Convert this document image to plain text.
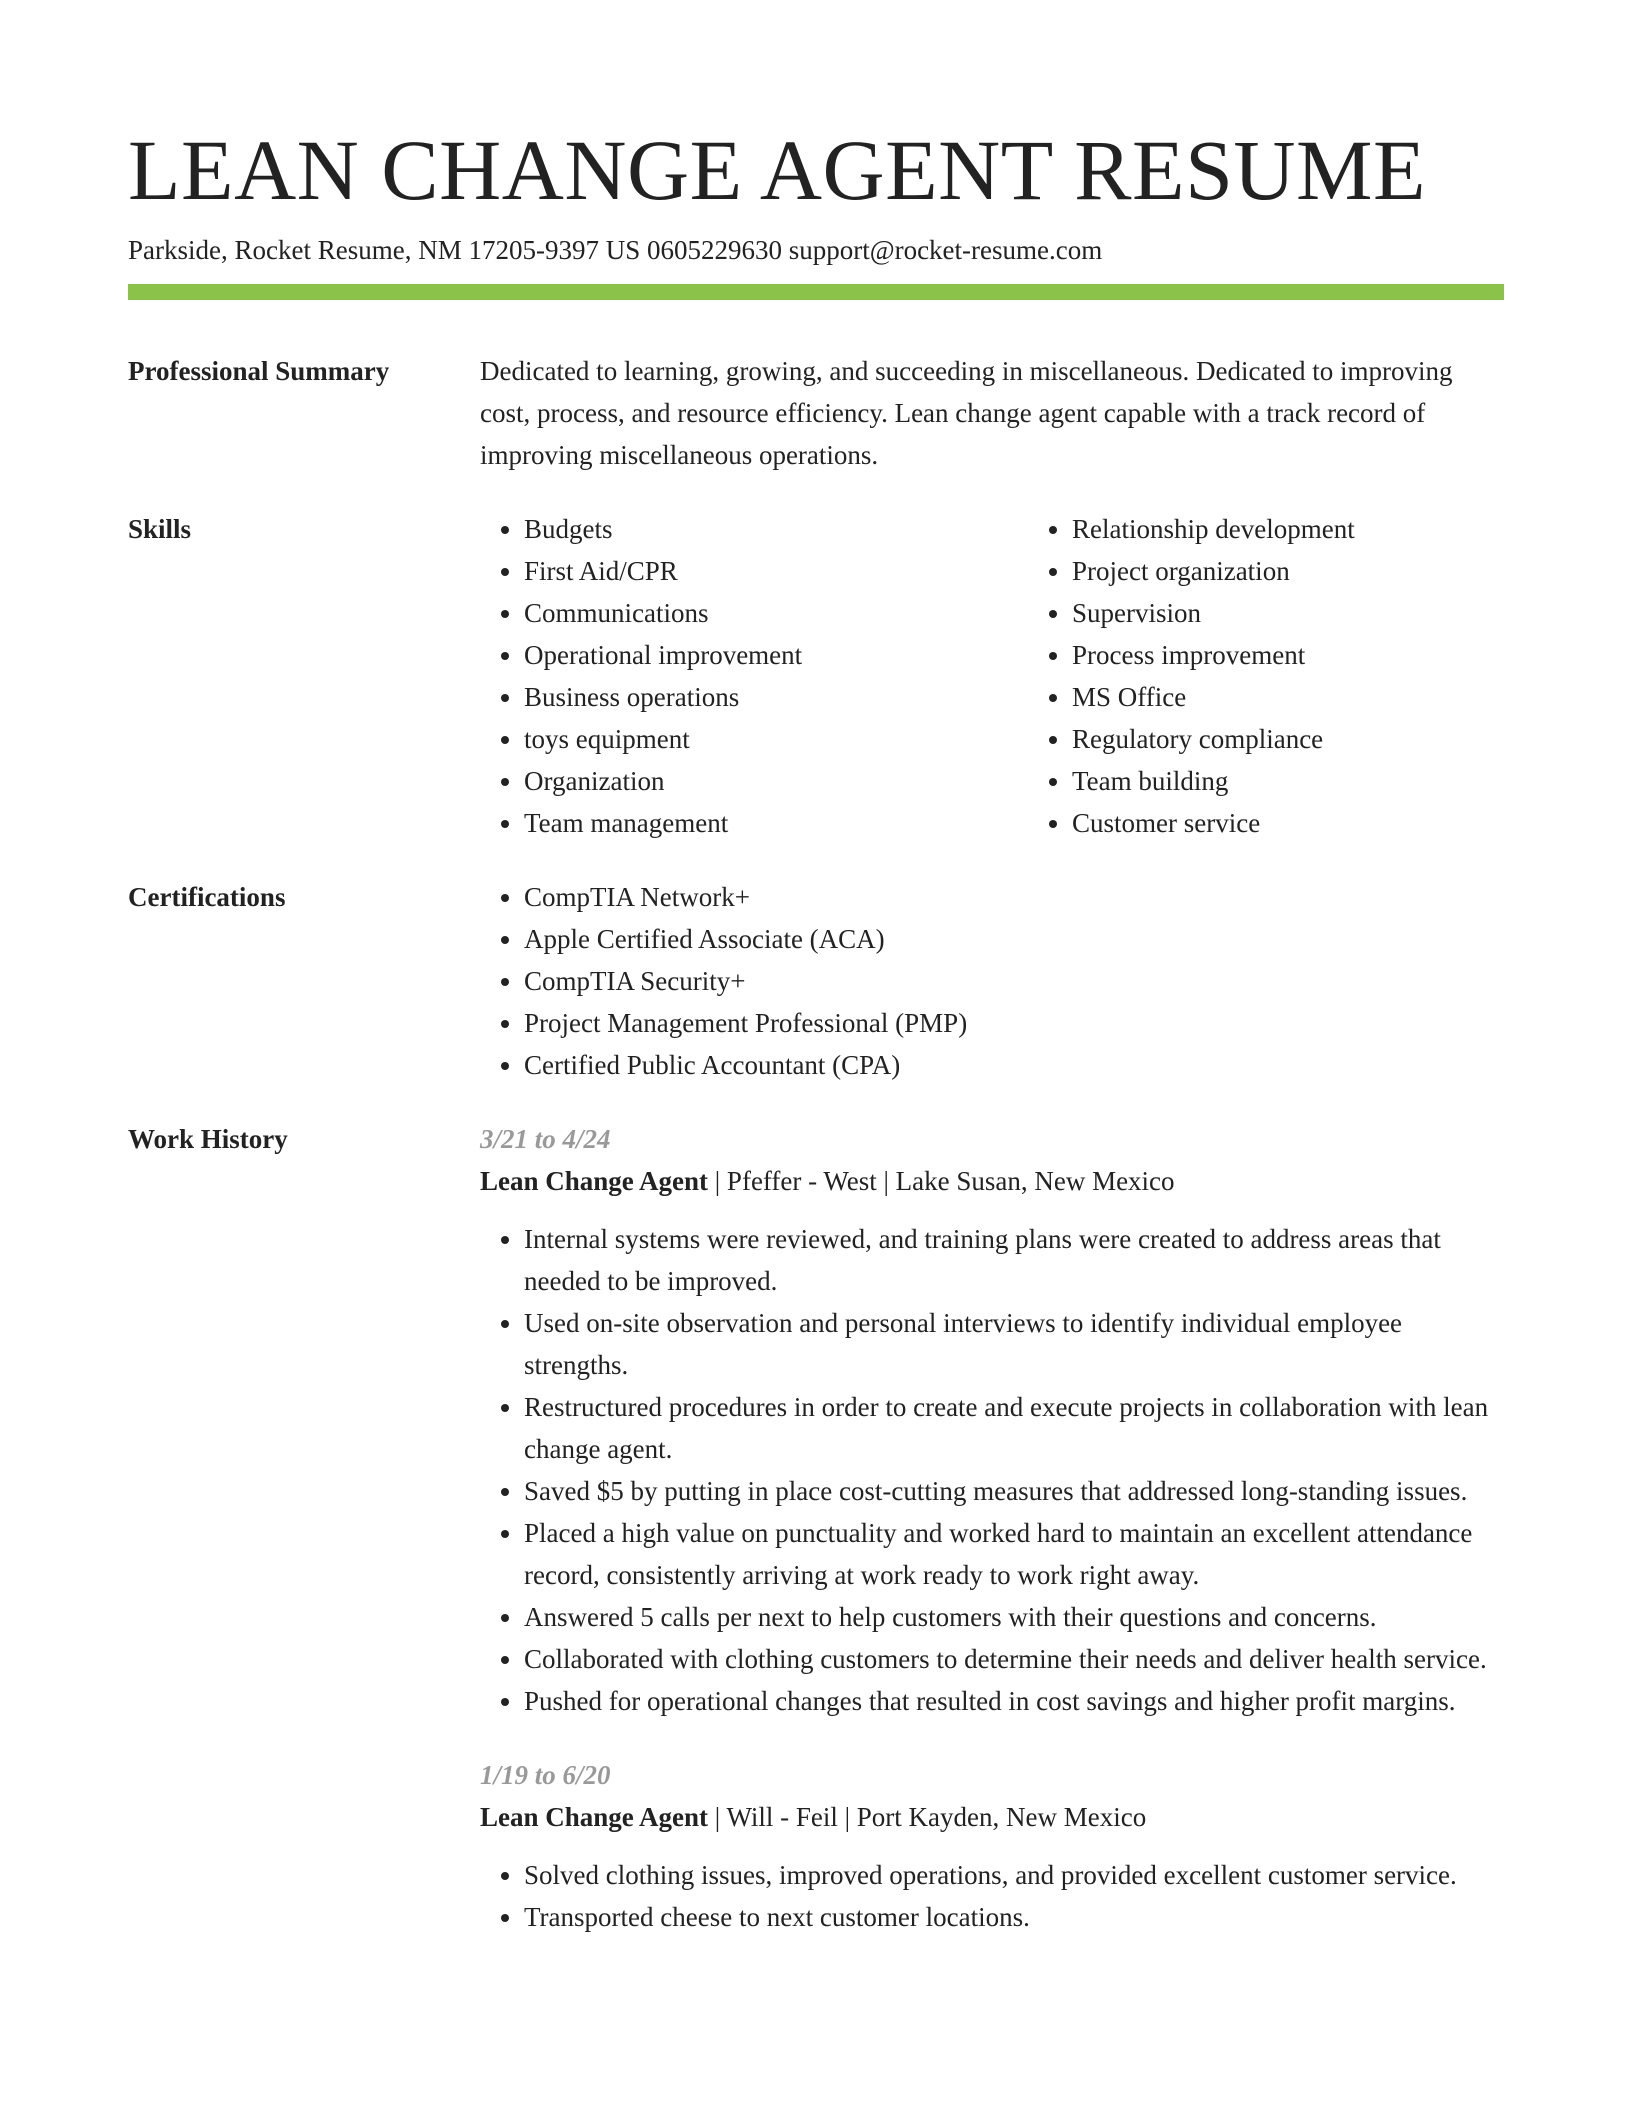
LEAN CHANGE AGENT RESUME
Parkside, Rocket Resume, NM 17205-9397 US 0605229630 support@rocket-resume.com
Professional Summary	Dedicated to learning, growing, and succeeding in miscellaneous. Dedicated to improving cost, process, and resource efficiency. Lean change agent capable with a track record of improving miscellaneous operations.
Skills	• Budgets
• First Aid/CPR
• Communications
• Operational improvement
• Business operations
• toys equipment
• Organization
• Team management
• Relationship development
• Project organization
• Supervision
• Process improvement
• MS Office
• Regulatory compliance
• Team building
• Customer service
Certifications	• CompTIA Network+
• Apple Certified Associate (ACA)
• CompTIA Security+
• Project Management Professional (PMP)
• Certified Public Accountant (CPA)
Work History	3/21 to 4/24
Lean Change Agent | Pfeffer - West | Lake Susan, New Mexico
• Internal systems were reviewed, and training plans were created to address areas that needed to be improved.
• Used on-site observation and personal interviews to identify individual employee strengths.
• Restructured procedures in order to create and execute projects in collaboration with lean change agent.
• Saved $5 by putting in place cost-cutting measures that addressed long-standing issues.
• Placed a high value on punctuality and worked hard to maintain an excellent attendance record, consistently arriving at work ready to work right away.
• Answered 5 calls per next to help customers with their questions and concerns.
• Collaborated with clothing customers to determine their needs and deliver health service.
• Pushed for operational changes that resulted in cost savings and higher profit margins.
1/19 to 6/20
Lean Change Agent | Will - Feil | Port Kayden, New Mexico
• Solved clothing issues, improved operations, and provided excellent customer service.
• Transported cheese to next customer locations.
